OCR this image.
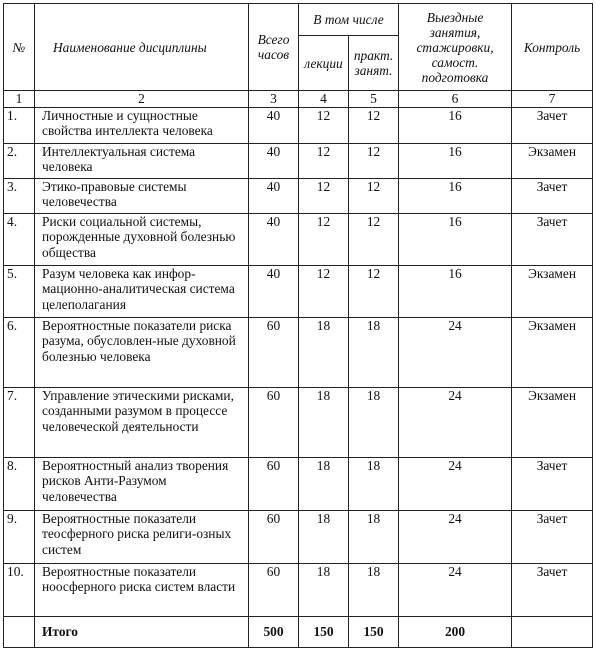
№	Наименование дисциплины	Всего часов	В том числе		Выездные занятия, стажировки, самост. подготовка	Контроль
			лекции	практ. занят.		
1	2	3	4	5	6	7
1.	Личностные и сущностные свойства интеллекта человека	40	12	12	16	Зачет
2.	Интеллектуальная система человека	40	12	12	16	Экзамен
3.	Этико-правовые системы человечества	40	12	12	16	Зачет
4.	Риски социальной системы, порожденные духовной болезнью общества	40	12	12	16	Зачет
5.	Разум человека как инфор-мационно-аналитическая система целеполагания	40	12	12	16	Экзамен
6.	Вероятностные показатели риска разума, обусловлен-ные духовной болезнью человека	60	18	18	24	Экзамен
7.	Управление этическими рисками, созданными разумом в процессе человеческой деятельности	60	18	18	24	Экзамен
8.	Вероятностный анализ творения рисков Анти-Разумом человечества	60	18	18	24	Зачет
9.	Вероятностные показатели теосферного риска религи-озных систем	60	18	18	24	Зачет
10.	Вероятностные показатели ноосферного риска систем власти	60	18	18	24	Зачет
	Итого	500	150	150	200	
